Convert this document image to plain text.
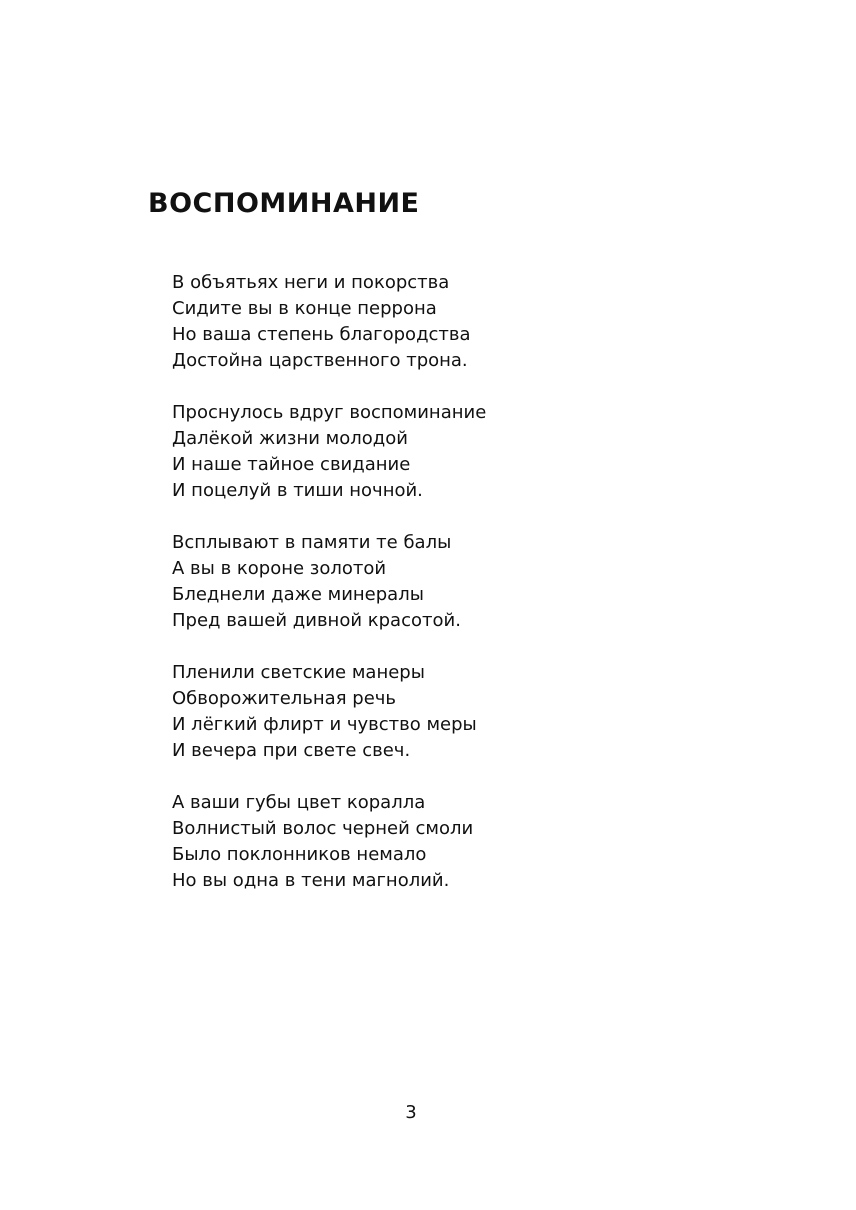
ВОСПОМИНАНИЕ
В объятьях неги и покорства
Сидите вы в конце перрона
Но ваша степень благородства
Достойна царственного трона.
Проснулось вдруг воспоминание
Далёкой жизни молодой
И наше тайное свидание
И поцелуй в тиши ночной.
Всплывают в памяти те балы
А вы в короне золотой
Бледнели даже минералы
Пред вашей дивной красотой.
Пленили светские манеры
Обворожительная речь
И лёгкий флирт и чувство меры
И вечера при свете свеч.
А ваши губы цвет коралла
Волнистый волос черней смоли
Было поклонников немало
Но вы одна в тени магнолий.
3
